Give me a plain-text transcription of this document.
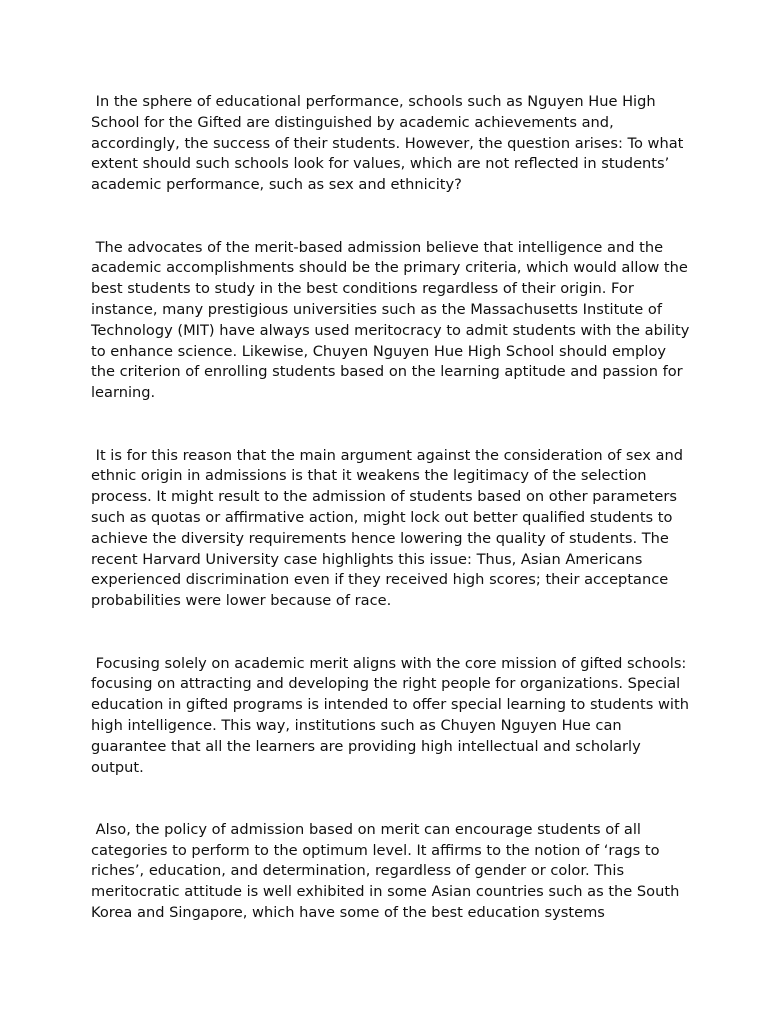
In the sphere of educational performance, schools such as Nguyen Hue High School for the Gifted are distinguished by academic achievements and, accordingly, the success of their students. However, the question arises: To what extent should such schools look for values, which are not reflected in students’ academic performance, such as sex and ethnicity?

The advocates of the merit-based admission believe that intelligence and the academic accomplishments should be the primary criteria, which would allow the best students to study in the best conditions regardless of their origin. For instance, many prestigious universities such as the Massachusetts Institute of Technology (MIT) have always used meritocracy to admit students with the ability to enhance science. Likewise, Chuyen Nguyen Hue High School should employ the criterion of enrolling students based on the learning aptitude and passion for learning.

It is for this reason that the main argument against the consideration of sex and ethnic origin in admissions is that it weakens the legitimacy of the selection process. It might result to the admission of students based on other parameters such as quotas or affirmative action, might lock out better qualified students to achieve the diversity requirements hence lowering the quality of students. The recent Harvard University case highlights this issue: Thus, Asian Americans experienced discrimination even if they received high scores; their acceptance probabilities were lower because of race.

Focusing solely on academic merit aligns with the core mission of gifted schools: focusing on attracting and developing the right people for organizations. Special education in gifted programs is intended to offer special learning to students with high intelligence. This way, institutions such as Chuyen Nguyen Hue can guarantee that all the learners are providing high intellectual and scholarly output.

Also, the policy of admission based on merit can encourage students of all categories to perform to the optimum level. It affirms to the notion of ‘rags to riches’, education, and determination, regardless of gender or color. This meritocratic attitude is well exhibited in some Asian countries such as the South Korea and Singapore, which have some of the best education systems
